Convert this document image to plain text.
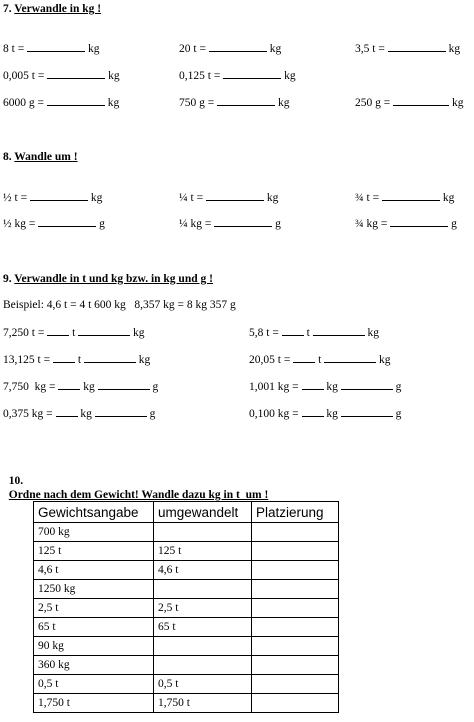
7. Verwandle in kg !
8 t =	kg	20 t =	kg	3,5 t =	kg
0,005 t =	kg	0,125 t =	kg
6000 g =	kg	750 g =	kg	250 g =	kg
8. Wandle um !
½ t =	kg	¼ t =	kg	¾ t =	kg
½ kg =	g	¼ kg =	g	¾ kg =	g
9. Verwandle in t und kg bzw. in kg und g !
Beispiel: 4,6 t = 4 t 600 kg   8,357 kg = 8 kg 357 g
7,250 t = t	kg	5,8 t = t	kg
13,125 t = t	kg	20,05 t = t	kg
7,750  kg = kg	g	1,001 kg = kg	g
0,375 kg = kg	g	0,100 kg = kg	g

10.
Ordne nach dem Gewicht! Wandle dazu kg in t  um !

Gewichtsangabe	umgewandelt	Platzierung
700 kg		
125 t	125 t	
4,6 t	4,6 t	
1250 kg		
2,5 t	2,5 t	
65 t	65 t	
90 kg		
360 kg		
0,5 t	0,5 t	
1,750 t	1,750 t	
